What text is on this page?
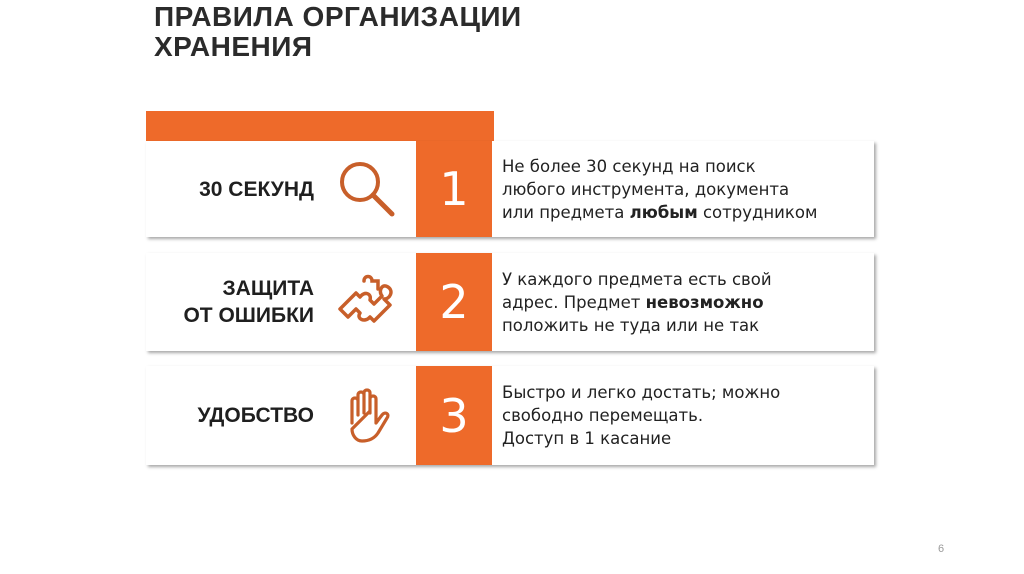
ПРАВИЛА ОРГАНИЗАЦИИ
ХРАНЕНИЯ
30 СЕКУНД	1 Не более 30 секунд на поиск
любого инструмента, документа
или предмета любым сотрудником
ЗАЩИТА
ОТ ОШИБКИ	2 У каждого предмета есть свой
адрес. Предмет невозможно
положить не туда или не так
УДОБСТВО	3 Быстро и легко достать; можно
свободно перемещать.
Доступ в 1 касание
6
